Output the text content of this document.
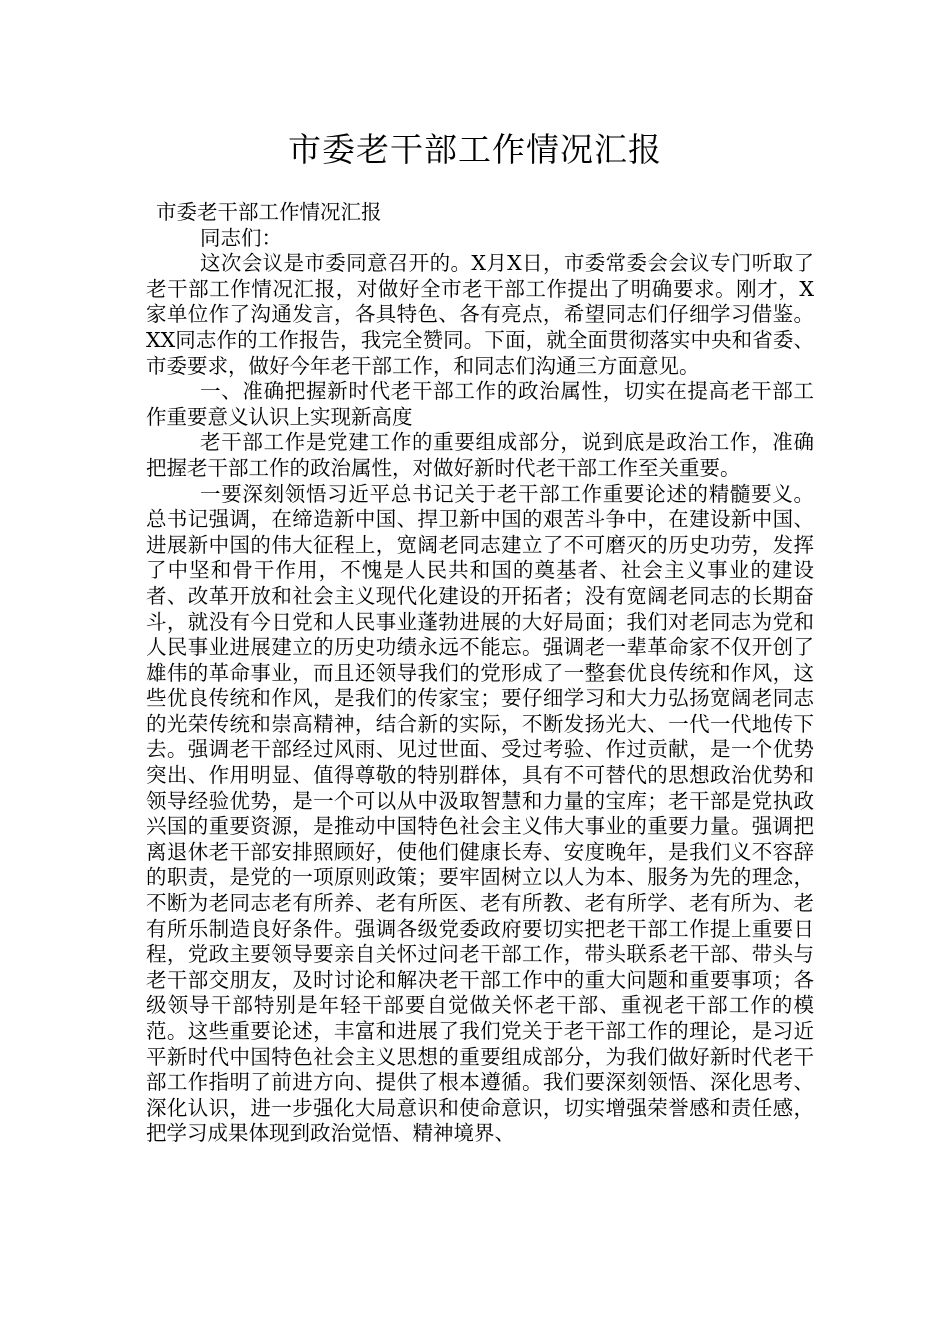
市委老干部工作情况汇报

市委老干部工作情况汇报

同志们：

这次会议是市委同意召开的。X月X日，市委常委会会议专门听取了老干部工作情况汇报，对做好全市老干部工作提出了明确要求。刚才，X家单位作了沟通发言，各具特色、各有亮点，希望同志们仔细学习借鉴。XX同志作的工作报告，我完全赞同。下面，就全面贯彻落实中央和省委、市委要求，做好今年老干部工作，和同志们沟通三方面意见。

一、准确把握新时代老干部工作的政治属性，切实在提高老干部工作重要意义认识上实现新高度

老干部工作是党建工作的重要组成部分，说到底是政治工作，准确把握老干部工作的政治属性，对做好新时代老干部工作至关重要。

一要深刻领悟习近平总书记关于老干部工作重要论述的精髓要义。总书记强调，在缔造新中国、捍卫新中国的艰苦斗争中，在建设新中国、进展新中国的伟大征程上，宽阔老同志建立了不可磨灭的历史功劳，发挥了中坚和骨干作用，不愧是人民共和国的奠基者、社会主义事业的建设者、改革开放和社会主义现代化建设的开拓者；没有宽阔老同志的长期奋斗，就没有今日党和人民事业蓬勃进展的大好局面；我们对老同志为党和人民事业进展建立的历史功绩永远不能忘。强调老一辈革命家不仅开创了雄伟的革命事业，而且还领导我们的党形成了一整套优良传统和作风，这些优良传统和作风，是我们的传家宝；要仔细学习和大力弘扬宽阔老同志的光荣传统和崇高精神，结合新的实际，不断发扬光大、一代一代地传下去。强调老干部经过风雨、见过世面、受过考验、作过贡献，是一个优势突出、作用明显、值得尊敬的特别群体，具有不可替代的思想政治优势和领导经验优势，是一个可以从中汲取智慧和力量的宝库；老干部是党执政兴国的重要资源，是推动中国特色社会主义伟大事业的重要力量。强调把离退休老干部安排照顾好，使他们健康长寿、安度晚年，是我们义不容辞的职责，是党的一项原则政策；要牢固树立以人为本、服务为先的理念，不断为老同志老有所养、老有所医、老有所教、老有所学、老有所为、老有所乐制造良好条件。强调各级党委政府要切实把老干部工作提上重要日程，党政主要领导要亲自关怀过问老干部工作，带头联系老干部、带头与老干部交朋友，及时讨论和解决老干部工作中的重大问题和重要事项；各级领导干部特别是年轻干部要自觉做关怀老干部、重视老干部工作的模范。这些重要论述，丰富和进展了我们党关于老干部工作的理论，是习近平新时代中国特色社会主义思想的重要组成部分，为我们做好新时代老干部工作指明了前进方向、提供了根本遵循。我们要深刻领悟、深化思考、深化认识，进一步强化大局意识和使命意识，切实增强荣誉感和责任感，把学习成果体现到政治觉悟、精神境界、
